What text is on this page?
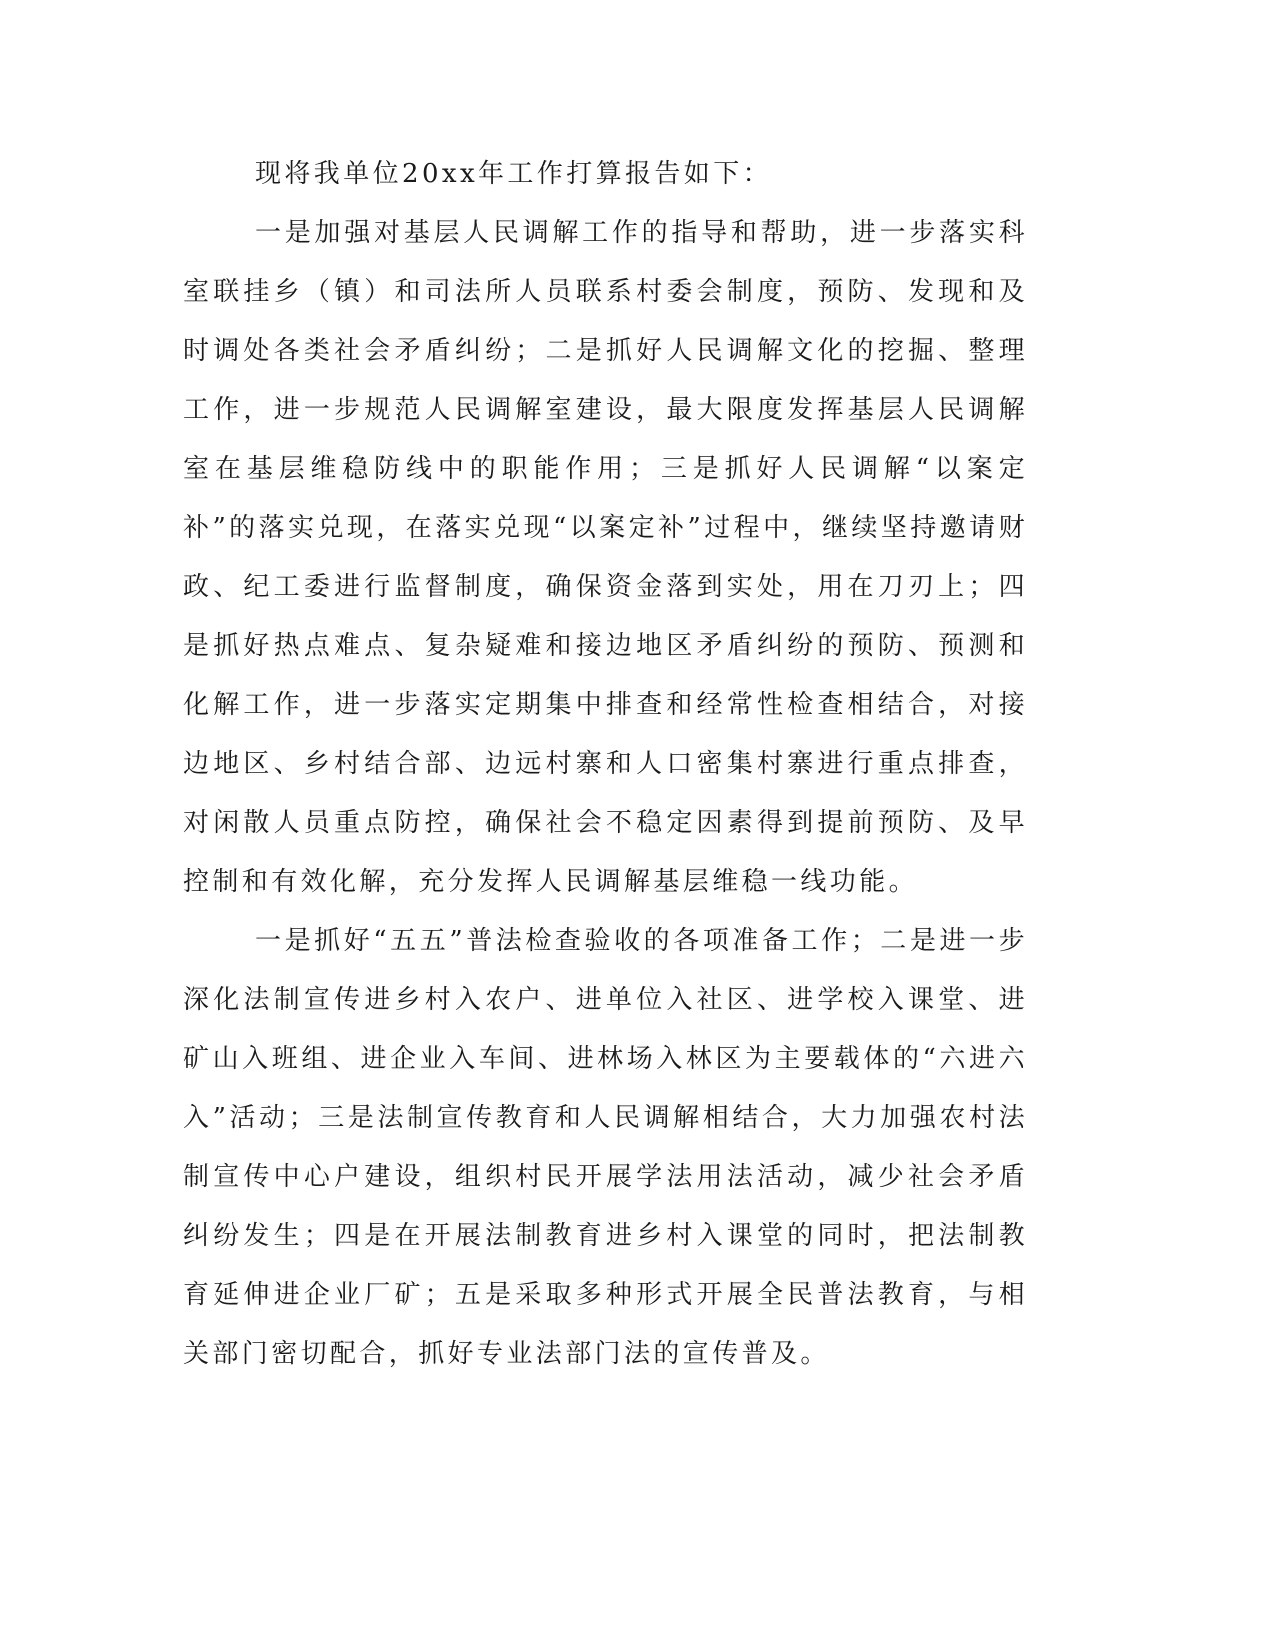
现将我单位20xx年工作打算报告如下：

一是加强对基层人民调解工作的指导和帮助，进一步落实科室联挂乡（镇）和司法所人员联系村委会制度，预防、发现和及时调处各类社会矛盾纠纷；二是抓好人民调解文化的挖掘、整理工作，进一步规范人民调解室建设，最大限度发挥基层人民调解室在基层维稳防线中的职能作用；三是抓好人民调解“以案定补”的落实兑现，在落实兑现“以案定补”过程中，继续坚持邀请财政、纪工委进行监督制度，确保资金落到实处，用在刀刃上；四是抓好热点难点、复杂疑难和接边地区矛盾纠纷的预防、预测和化解工作，进一步落实定期集中排查和经常性检查相结合，对接边地区、乡村结合部、边远村寨和人口密集村寨进行重点排查，对闲散人员重点防控，确保社会不稳定因素得到提前预防、及早控制和有效化解，充分发挥人民调解基层维稳一线功能。

一是抓好“五五”普法检查验收的各项准备工作；二是进一步深化法制宣传进乡村入农户、进单位入社区、进学校入课堂、进矿山入班组、进企业入车间、进林场入林区为主要载体的“六进六入”活动；三是法制宣传教育和人民调解相结合，大力加强农村法制宣传中心户建设，组织村民开展学法用法活动，减少社会矛盾纠纷发生；四是在开展法制教育进乡村入课堂的同时，把法制教育延伸进企业厂矿；五是采取多种形式开展全民普法教育，与相关部门密切配合，抓好专业法部门法的宣传普及。
